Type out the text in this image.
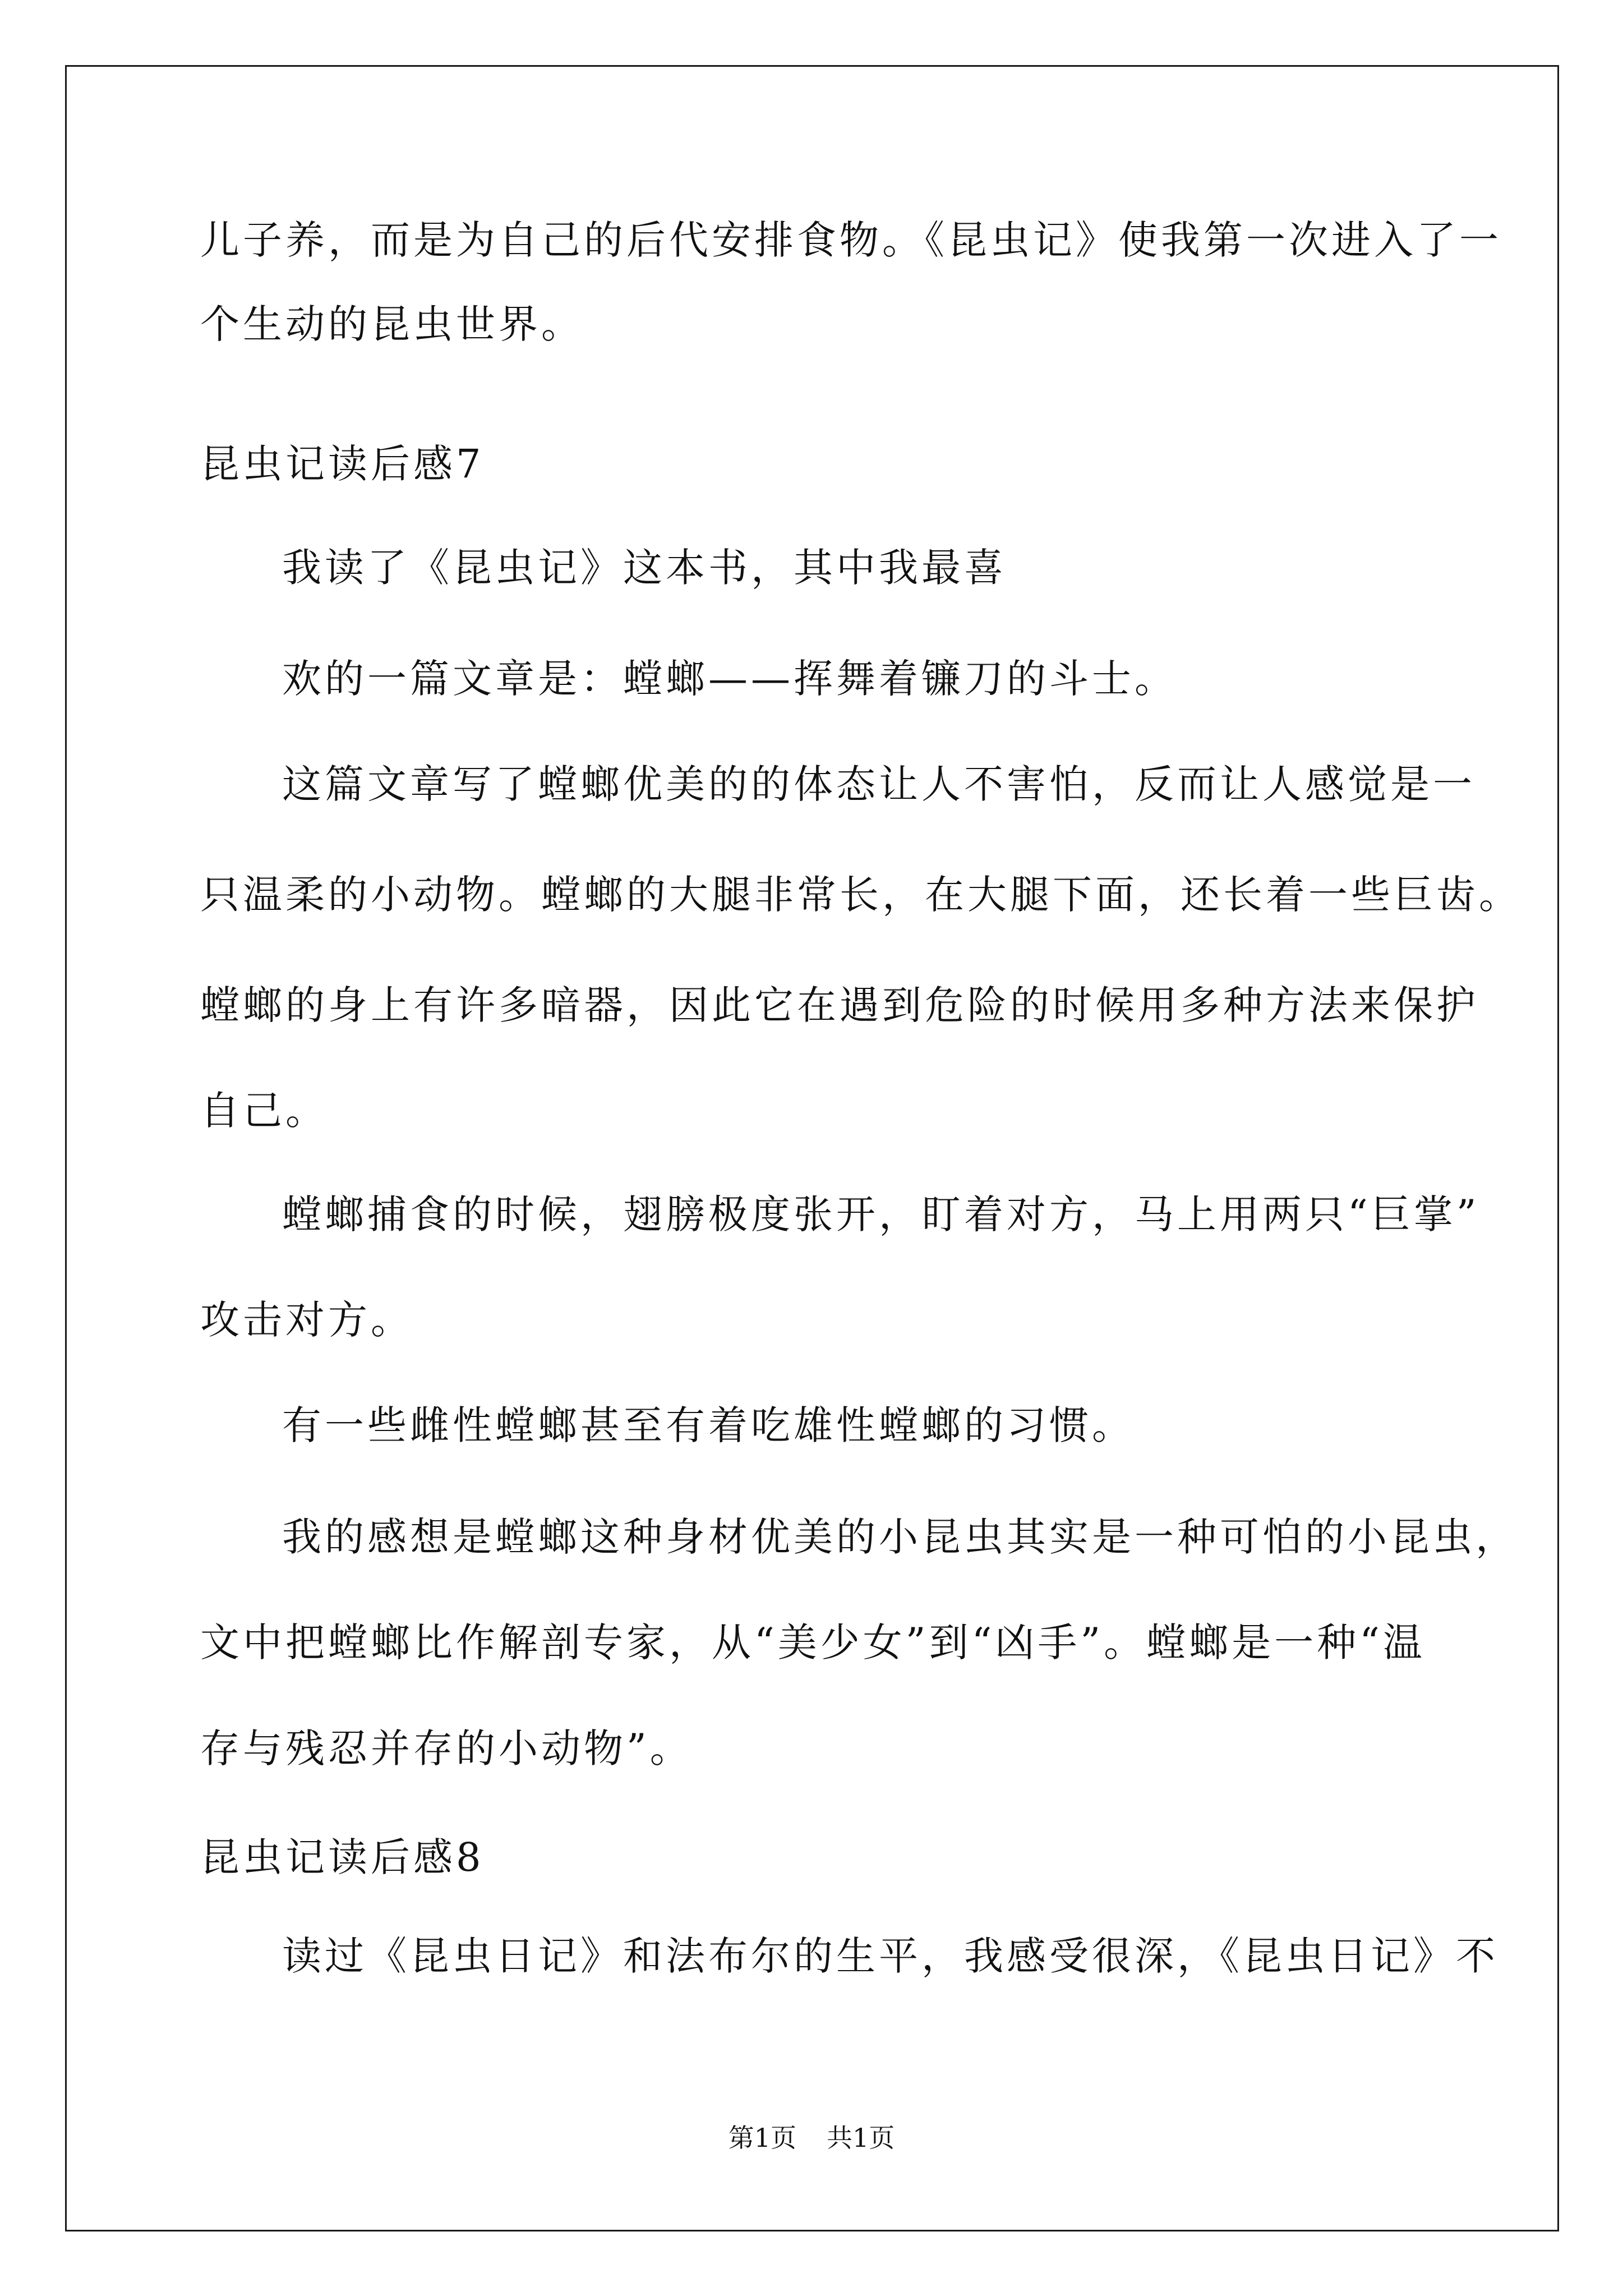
儿子养，而是为自己的后代安排食物。《昆虫记》使我第一次进入了一
个生动的昆虫世界。
昆虫记读后感7
我读了《昆虫记》这本书，其中我最喜
欢的一篇文章是：螳螂——挥舞着镰刀的斗士。
这篇文章写了螳螂优美的的体态让人不害怕，反而让人感觉是一
只温柔的小动物。螳螂的大腿非常长，在大腿下面，还长着一些巨齿。
螳螂的身上有许多暗器，因此它在遇到危险的时候用多种方法来保护
自己。
螳螂捕食的时候，翅膀极度张开，盯着对方，马上用两只“巨掌”
攻击对方。
有一些雌性螳螂甚至有着吃雄性螳螂的习惯。
我的感想是螳螂这种身材优美的小昆虫其实是一种可怕的小昆虫，
文中把螳螂比作解剖专家，从“美少女”到“凶手”。螳螂是一种“温
存与残忍并存的小动物”。
昆虫记读后感8
读过《昆虫日记》和法布尔的生平，我感受很深，《昆虫日记》不
第1页 共1页
